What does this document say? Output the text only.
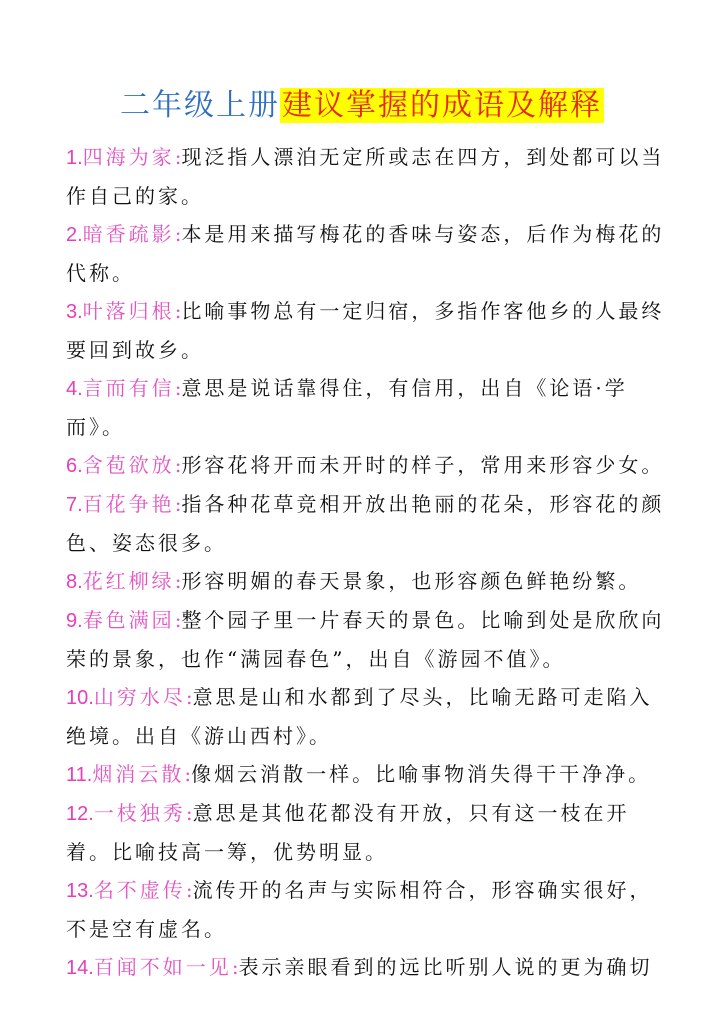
二年级上册建议掌握的成语及解释

1.四海为家:现泛指人漂泊无定所或志在四方，到处都可以当作自己的家。

2.暗香疏影:本是用来描写梅花的香味与姿态，后作为梅花的代称。

3.叶落归根:比喻事物总有一定归宿，多指作客他乡的人最终要回到故乡。

4.言而有信:意思是说话靠得住，有信用，出自《论语·学而》。

6.含苞欲放:形容花将开而未开时的样子，常用来形容少女。

7.百花争艳:指各种花草竞相开放出艳丽的花朵，形容花的颜色、姿态很多。

8.花红柳绿:形容明媚的春天景象，也形容颜色鲜艳纷繁。

9.春色满园:整个园子里一片春天的景色。比喻到处是欣欣向荣的景象，也作“满园春色”，出自《游园不值》。

10.山穷水尽:意思是山和水都到了尽头，比喻无路可走陷入绝境。出自《游山西村》。

11.烟消云散:像烟云消散一样。比喻事物消失得干干净净。

12.一枝独秀:意思是其他花都没有开放，只有这一枝在开着。比喻技高一筹，优势明显。

13.名不虚传:流传开的名声与实际相符合，形容确实很好，不是空有虚名。

14.百闻不如一见:表示亲眼看到的远比听别人说的更为确切
